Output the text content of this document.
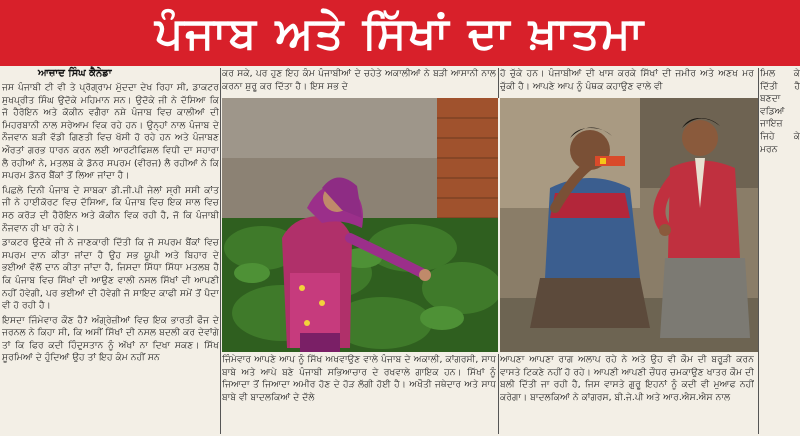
ਪੰਜਾਬ ਅਤੇ ਸਿੱਖਾਂ ਦਾ ਖ਼ਾਤਮਾ
ਆਜ਼ਾਦ ਸਿੰਘ ਕੈਨੇਡਾ

ਜਸ ਪੰਜਾਬੀ ਟੀ ਵੀ ਤੇ ਪ੍ਰੋਗ੍ਰਾਮ ਮੁੱਦਦਾ ਦੇਖ ਰਿਹਾ ਸੀ, ਡਾਕਟਰ ਸੁਖਪ੍ਰੀਤ ਸਿੰਘ ਉਦੋਕੇ ਮਹਿਮਾਨ ਸਨ। ਉਦੋਕੇ ਜੀ ਨੇ ਦੱਸਿਆ ਕਿ ਜੋ ਹੈਰੋਇਨ ਅਤੇ ਕੋਕੀਨ ਵਗੈਰਾ ਨਸ਼ੇ ਪੰਜਾਬ ਵਿਚ ਕਾਲੀਆਂ ਦੀ ਮਿਹਰਬਾਨੀ ਨਾਲ ਸਰੇਆਮ ਵਿਕ ਰਹੇ ਹਨ। ਉਨ੍ਹਾਂ ਨਾਲ ਪੰਜਾਬ ਦੇ ਨੌਜਵਾਨ ਬੜੀ ਵੱਡੀ ਗਿਣਤੀ ਵਿਚ ਖੱਸੀ ਹੋ ਰਹੇ ਹਨ ਅਤੇ ਪੰਜਾਬਣ ਔਰਤਾਂ ਗਰਭ ਧਾਰਨ ਕਰਨ ਲਈ ਆਰਟੀਫਿਸ਼ਲ ਵਿਧੀ ਦਾ ਸਹਾਰਾ ਲੈ ਰਹੀਆਂ ਨੇ, ਮਤਲਬ ਕੇ ਡੋਨਰ ਸਪਰਮ (ਵੀਰਜ) ਲੈ ਰਹੀਆਂ ਨੇ ਕਿ ਸਪਰਮ ਡੋਨਰ ਬੈਂਕਾਂ ਤੋਂ ਲਿਆ ਜਾਂਦਾ ਹੈ।

ਪਿਛਲੇ ਦਿਨੀ ਪੰਜਾਬ ਦੇ ਸਾਬਕਾ ਡੀ.ਜੀ.ਪੀ ਜੇਲਾਂ ਸ੍ਰੀ ਸਸੀ ਕਾਂਤ ਜੀ ਨੇ ਹਾਈਕੋਰਟ ਵਿਚ ਦੱਸਿਆ, ਕਿ ਪੰਜਾਬ ਵਿਚ ਇਕ ਸਾਲ ਵਿਚ ਸਠ ਕਰੋੜ ਦੀ ਹੈਰੋਇਨ ਅਤੇ ਕੋਕੀਨ ਵਿਕ ਰਹੀ ਹੈ, ਜੋ ਕਿ ਪੰਜਾਬੀ ਨੌਜਵਾਨ ਹੀ ਖਾ ਰਹੇ ਨੇ।

ਡਾਕਟਰ ਉਦੋਕੇ ਜੀ ਨੇ ਜਾਣਕਾਰੀ ਦਿੱਤੀ ਕਿ ਜੋ ਸਪਰਮ ਬੈਂਕਾਂ ਵਿਚ ਸਪਰਮ ਦਾਨ ਕੀਤਾ ਜਾਂਦਾ ਹੈ ਉਹ ਸਭ ਯੂਪੀ ਅਤੇ ਬਿਹਾਰ ਦੇ ਭਈਆਂ ਵੱਲੋਂ ਦਾਨ ਕੀਤਾ ਜਾਂਦਾ ਹੈ, ਜਿਸਦਾ ਸਿੱਧਾ ਸਿੱਧਾ ਮਤਲਬ ਹੈ ਕਿ ਪੰਜਾਬ ਵਿਚ ਸਿੱਖਾਂ ਦੀ ਆਉਣ ਵਾਲੀ ਨਸਲ ਸਿੱਖਾਂ ਦੀ ਆਪਣੀ ਨਹੀਂ ਹੋਵੇਗੀ, ਪਰ ਭਈਆਂ ਦੀ ਹੋਵੇਗੀ ਜੋ ਸਾਇਦ ਕਾਫੀ ਸਮੇਂ ਤੋਂ ਪੈਦਾ ਵੀ ਹੋ ਰਹੀ ਹੈ।

ਇਸਦਾ ਜਿੰਮੇਵਾਰ ਕੌਣ ਹੈ? ਅੰਗ੍ਰੇਜ਼ੀਆਂ ਵਿਚ ਇਕ ਭਾਰਤੀ ਫੌਜ ਦੇ ਜਰਨਲ ਨੇ ਕਿਹਾ ਸੀ, ਕਿ ਅਸੀਂ ਸਿੱਖਾਂ ਦੀ ਨਸਲ ਬਦਲੀ ਕਰ ਦੇਵਾਂਗੇ ਤਾਂ ਕਿ ਫਿਰ ਕਦੀ ਹਿੰਦੁਸਤਾਨ ਨੂੰ ਅੱਖਾਂ ਨਾ ਦਿਖਾ ਸਕਣ। ਸਿੱਖ ਸੂਰਮਿਆਂ ਦੇ ਹੁੰਦਿਆਂ ਉਹ ਤਾਂ ਇਹ ਕੰਮ ਨਹੀਂ ਸਨ

ਕਰ ਸਕੇ, ਪਰ ਹੁਣ ਇਹ ਕੰਮ ਪੰਜਾਬੀਆਂ ਦੇ ਚਹੇਤੇ ਅਕਾਲੀਆਂ ਨੇ ਬੜੀ ਆਸਾਨੀ ਨਾਲ ਕਰਨਾ ਸ਼ੁਰੂ ਕਰ ਦਿੱਤਾ ਹੈ। ਇਸ ਸਭ ਦੇ
ਹੋ ਚੁੱਕੇ ਹਨ। ਪੰਜਾਬੀਆਂ ਦੀ ਖਾਸ ਕਰਕੇ ਸਿੱਖਾਂ ਦੀ ਜਮੀਰ ਅਤੇ ਅਣਖ ਮਰ ਚੁੱਕੀ ਹੈ। ਆਪਣੇ ਆਪ ਨੂੰ ਪੰਥਕ ਕਹਾਉਣ ਵਾਲੇ ਵੀ
ਜਿੰਮੇਵਾਰ ਆਪਣੇ ਆਪ ਨੂੰ ਸਿੱਖ ਅਖਵਾਉਣ ਵਾਲੇ ਪੰਜਾਬ ਦੇ ਅਕਾਲੀ, ਕਾਂਗਰਸੀ, ਸਾਧ ਬਾਬੇ ਅਤੇ ਆਪੇ ਬਣੇ ਪੰਜਾਬੀ ਸਭਿਆਚਾਰ ਦੇ ਰਖਵਾਲੇ ਗਾਇਕ ਹਨ। ਸਿੱਖਾਂ ਨੂੰ ਜਿਆਦਾ ਤੋਂ ਜਿਆਦਾ ਅਮੀਰ ਹੋਣ ਦੇ ਹੋੜ ਲੱਗੀ ਹੋਈ ਹੈ। ਅਖੌਤੀ ਜਥੇਦਾਰ ਅਤੇ ਸਾਧ ਬਾਬੇ ਵੀ ਬਾਦਲਕਿਆਂ ਦੇ ਦੱਲੇ
ਆਪਣਾ ਆਪਣਾ ਰਾਗ ਅਲਾਪ ਰਹੇ ਨੇ ਅਤੇ ਉਹ ਵੀ ਕੌਮ ਦੀ ਬਰੂੜੀ ਕਰਨ ਵਾਸਤੇ ਟਿਕਣੇ ਨਹੀਂ ਹੋ ਰਹੇ। ਆਪਣੀ ਆਪਣੀ ਚੌਧਰ ਚਮਕਾਉਣ ਖਾਤਰ ਕੌਮ ਦੀ ਬਲੀ ਦਿੱਤੀ ਜਾ ਰਹੀ ਹੈ, ਜਿਸ ਵਾਸਤੇ ਗੁਰੂ ਇਹਨਾਂ ਨੂੰ ਕਦੀ ਵੀ ਮੁਆਫ ਨਹੀਂ ਕਰੇਗਾ। ਬਾਦਲਕਿਆਂ ਨੇ ਕਾਂਗਰਸ, ਬੀ.ਜੇ.ਪੀ ਅਤੇ ਆਰ.ਐਸ.ਐਸ ਨਾਲ
ਮਿਲ ਕੇ ਦਿੱਤੀ ਹੈ ਬਣਦਾ ਵਡਿਆਂ ਜਾਇਜ਼ ਜਿਹੇ ਕੇ ਮਰਨ
